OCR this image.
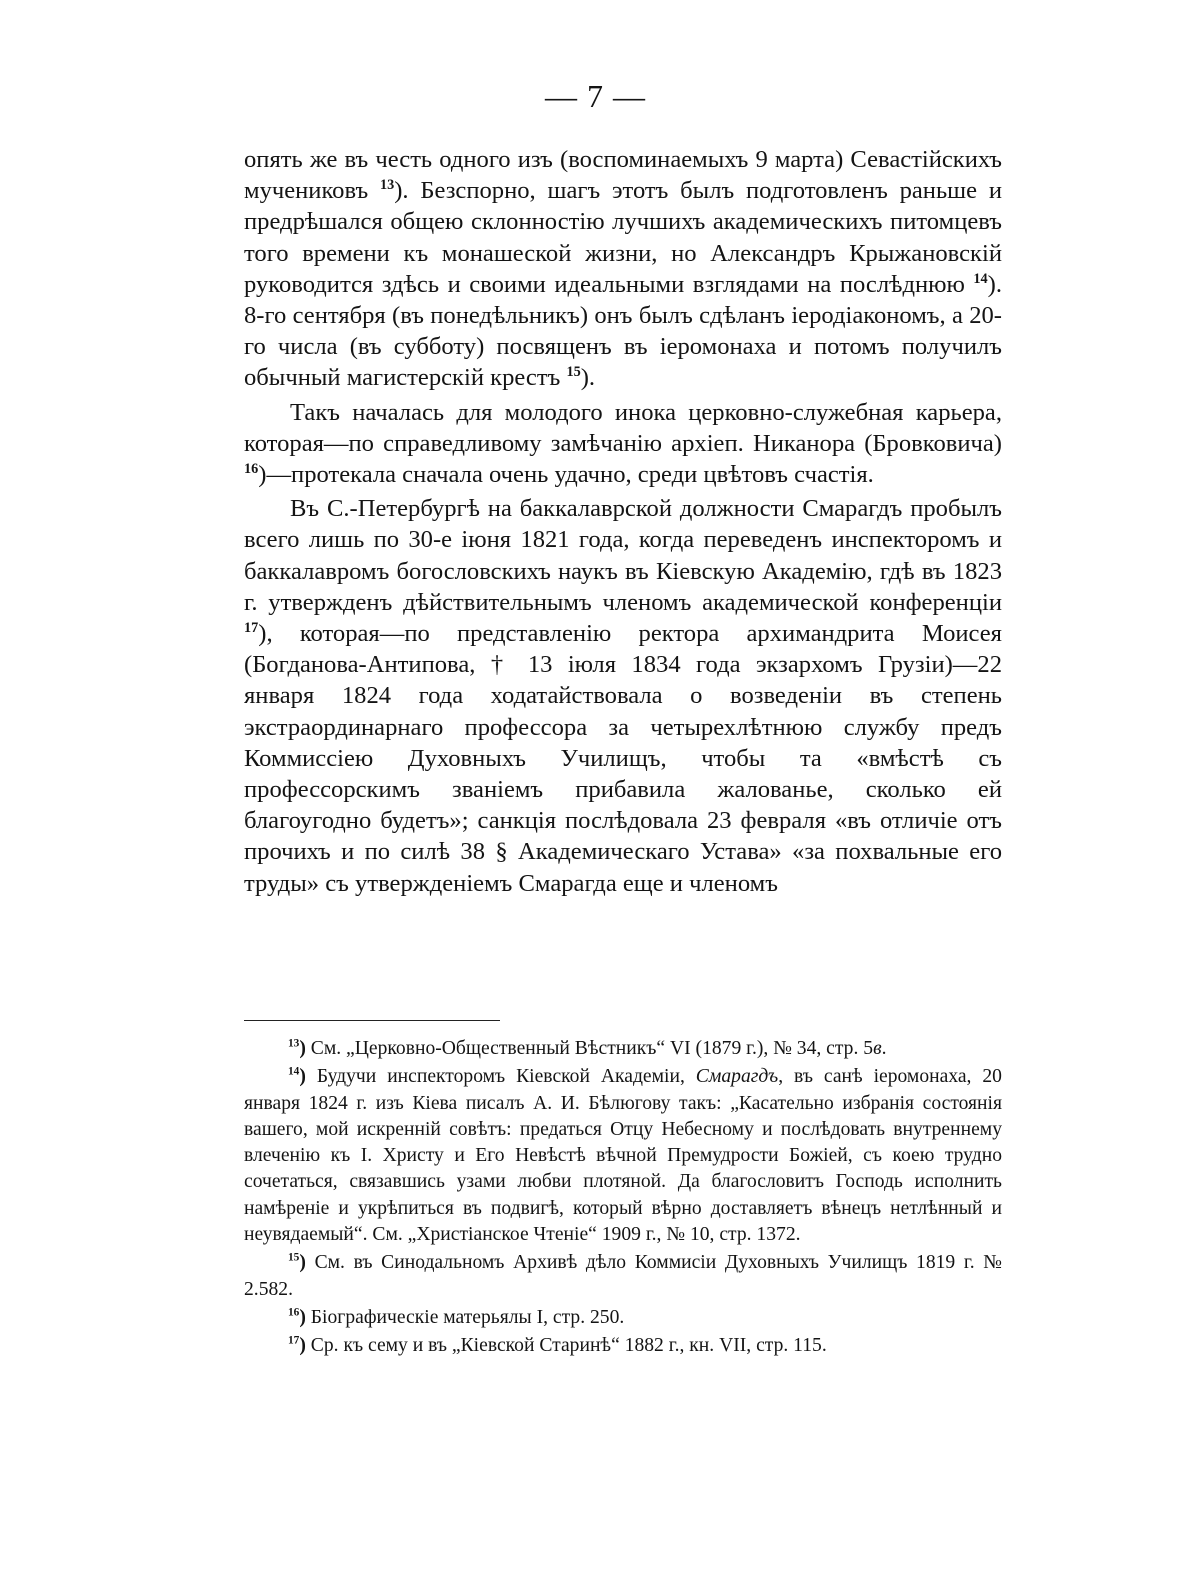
— 7 —

опять же въ честь одного изъ (воспоминаемыхъ 9 марта) Севастійскихъ мучениковъ $^{13}$). Безспорно, шагъ этотъ былъ подготовленъ раньше и предрѣшался общею склонностію лучшихъ академическихъ питомцевъ того времени къ монашеской жизни, но Александръ Крыжановскій руководится здѣсь и своими идеальными взглядами на послѣднюю $^{14}$). 8-го сентября (въ понедѣльникъ) онъ былъ сдѣланъ іеродіакономъ, а 20-го числа (въ субботу) посвященъ въ іеромонаха и потомъ получилъ обычный магистерскій крестъ $^{15}$).

Такъ началась для молодого инока церковно-служебная карьера, которая—по справедливому замѣчанію архіеп. Никанора (Бровковича) $^{16}$)—протекала сначала очень удачно, среди цвѣтовъ счастія.

Въ С.-Петербургѣ на баккалаврской должности Смарагдъ пробылъ всего лишь по 30-е іюня 1821 года, когда переведенъ инспекторомъ и баккалавромъ богословскихъ наукъ въ Кіевскую Академію, гдѣ въ 1823 г. утвержденъ дѣйствительнымъ членомъ академической конференціи $^{17}$), которая—по представленію ректора архимандрита Моисея (Богданова-Антипова, † 13 іюля 1834 года экзархомъ Грузіи)—22 января 1824 года ходатайствовала о возведеніи въ степень экстраординарнаго профессора за четырехлѣтнюю службу предъ Коммиссіею Духовныхъ Училищъ, чтобы та «вмѣстѣ съ профессорскимъ званіемъ прибавила жалованье, сколько ей благоугодно будетъ»; санкція послѣдовала 23 февраля «въ отличіе отъ прочихъ и по силѣ 38 § Академическаго Устава» «за похвальные его труды» съ утвержденіемъ Смарагда еще и членомъ

$^{13}$) См. „Церковно-Общественный Вѣстникъ“ VI (1879 г.), № 34, стр. 5в.
$^{14}$) Будучи инспекторомъ Кіевской Академіи, Смарагдъ, въ санѣ іеромонаха, 20 января 1824 г. изъ Кіева писалъ А. И. Бѣлюгову такъ: „Касательно избранія состоянія вашего, мой искренній совѣтъ: предаться Отцу Небесному и послѣдовать внутреннему влеченію къ І. Христу и Его Невѣстѣ вѣчной Премудрости Божіей, съ коею трудно сочетаться, связавшись узами любви плотяной. Да благословитъ Господь исполнить намѣреніе и укрѣпиться въ подвигѣ, который вѣрно доставляетъ вѣнецъ нетлѣнный и неувядаемый“. См. „Христіанское Чтеніе“ 1909 г., № 10, стр. 1372.
$^{15}$) См. въ Синодальномъ Архивѣ дѣло Коммисіи Духовныхъ Училищъ 1819 г. № 2.582.
$^{16}$) Біографическіе матерьялы I, стр. 250.
$^{17}$) Ср. къ сему и въ „Кіевской Старинѣ“ 1882 г., кн. VII, стр. 115.
